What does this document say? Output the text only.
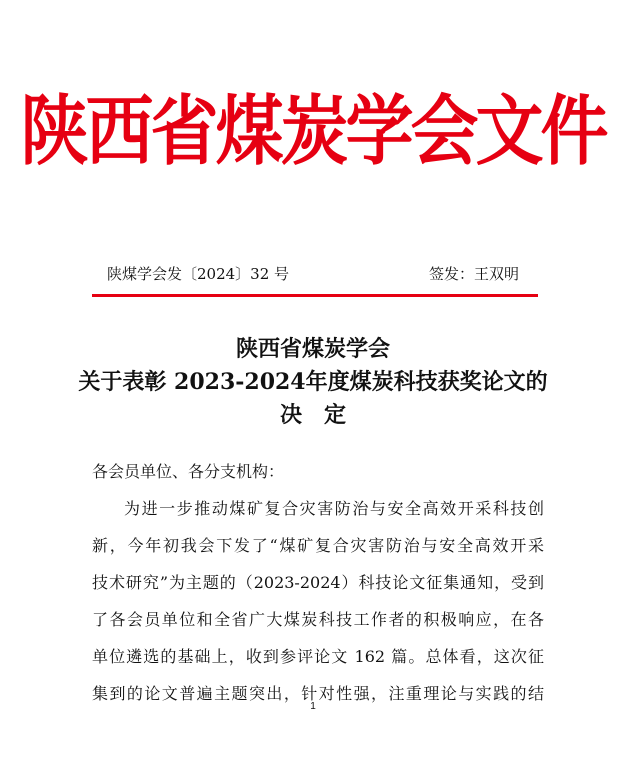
陕西省煤炭学会文件
陕煤学会发〔2024〕32 号	签发：王双明
陕西省煤炭学会
关于表彰 2023-2024年度煤炭科技获奖论文的
决　定
各会员单位、各分支机构：
为进一步推动煤矿复合灾害防治与安全高效开采科技创
新，今年初我会下发了“煤矿复合灾害防治与安全高效开采
技术研究”为主题的（2023-2024）科技论文征集通知，受到
了各会员单位和全省广大煤炭科技工作者的积极响应，在各
单位遴选的基础上，收到参评论文 162 篇。总体看，这次征
集到的论文普遍主题突出，针对性强，注重理论与实践的结
1
